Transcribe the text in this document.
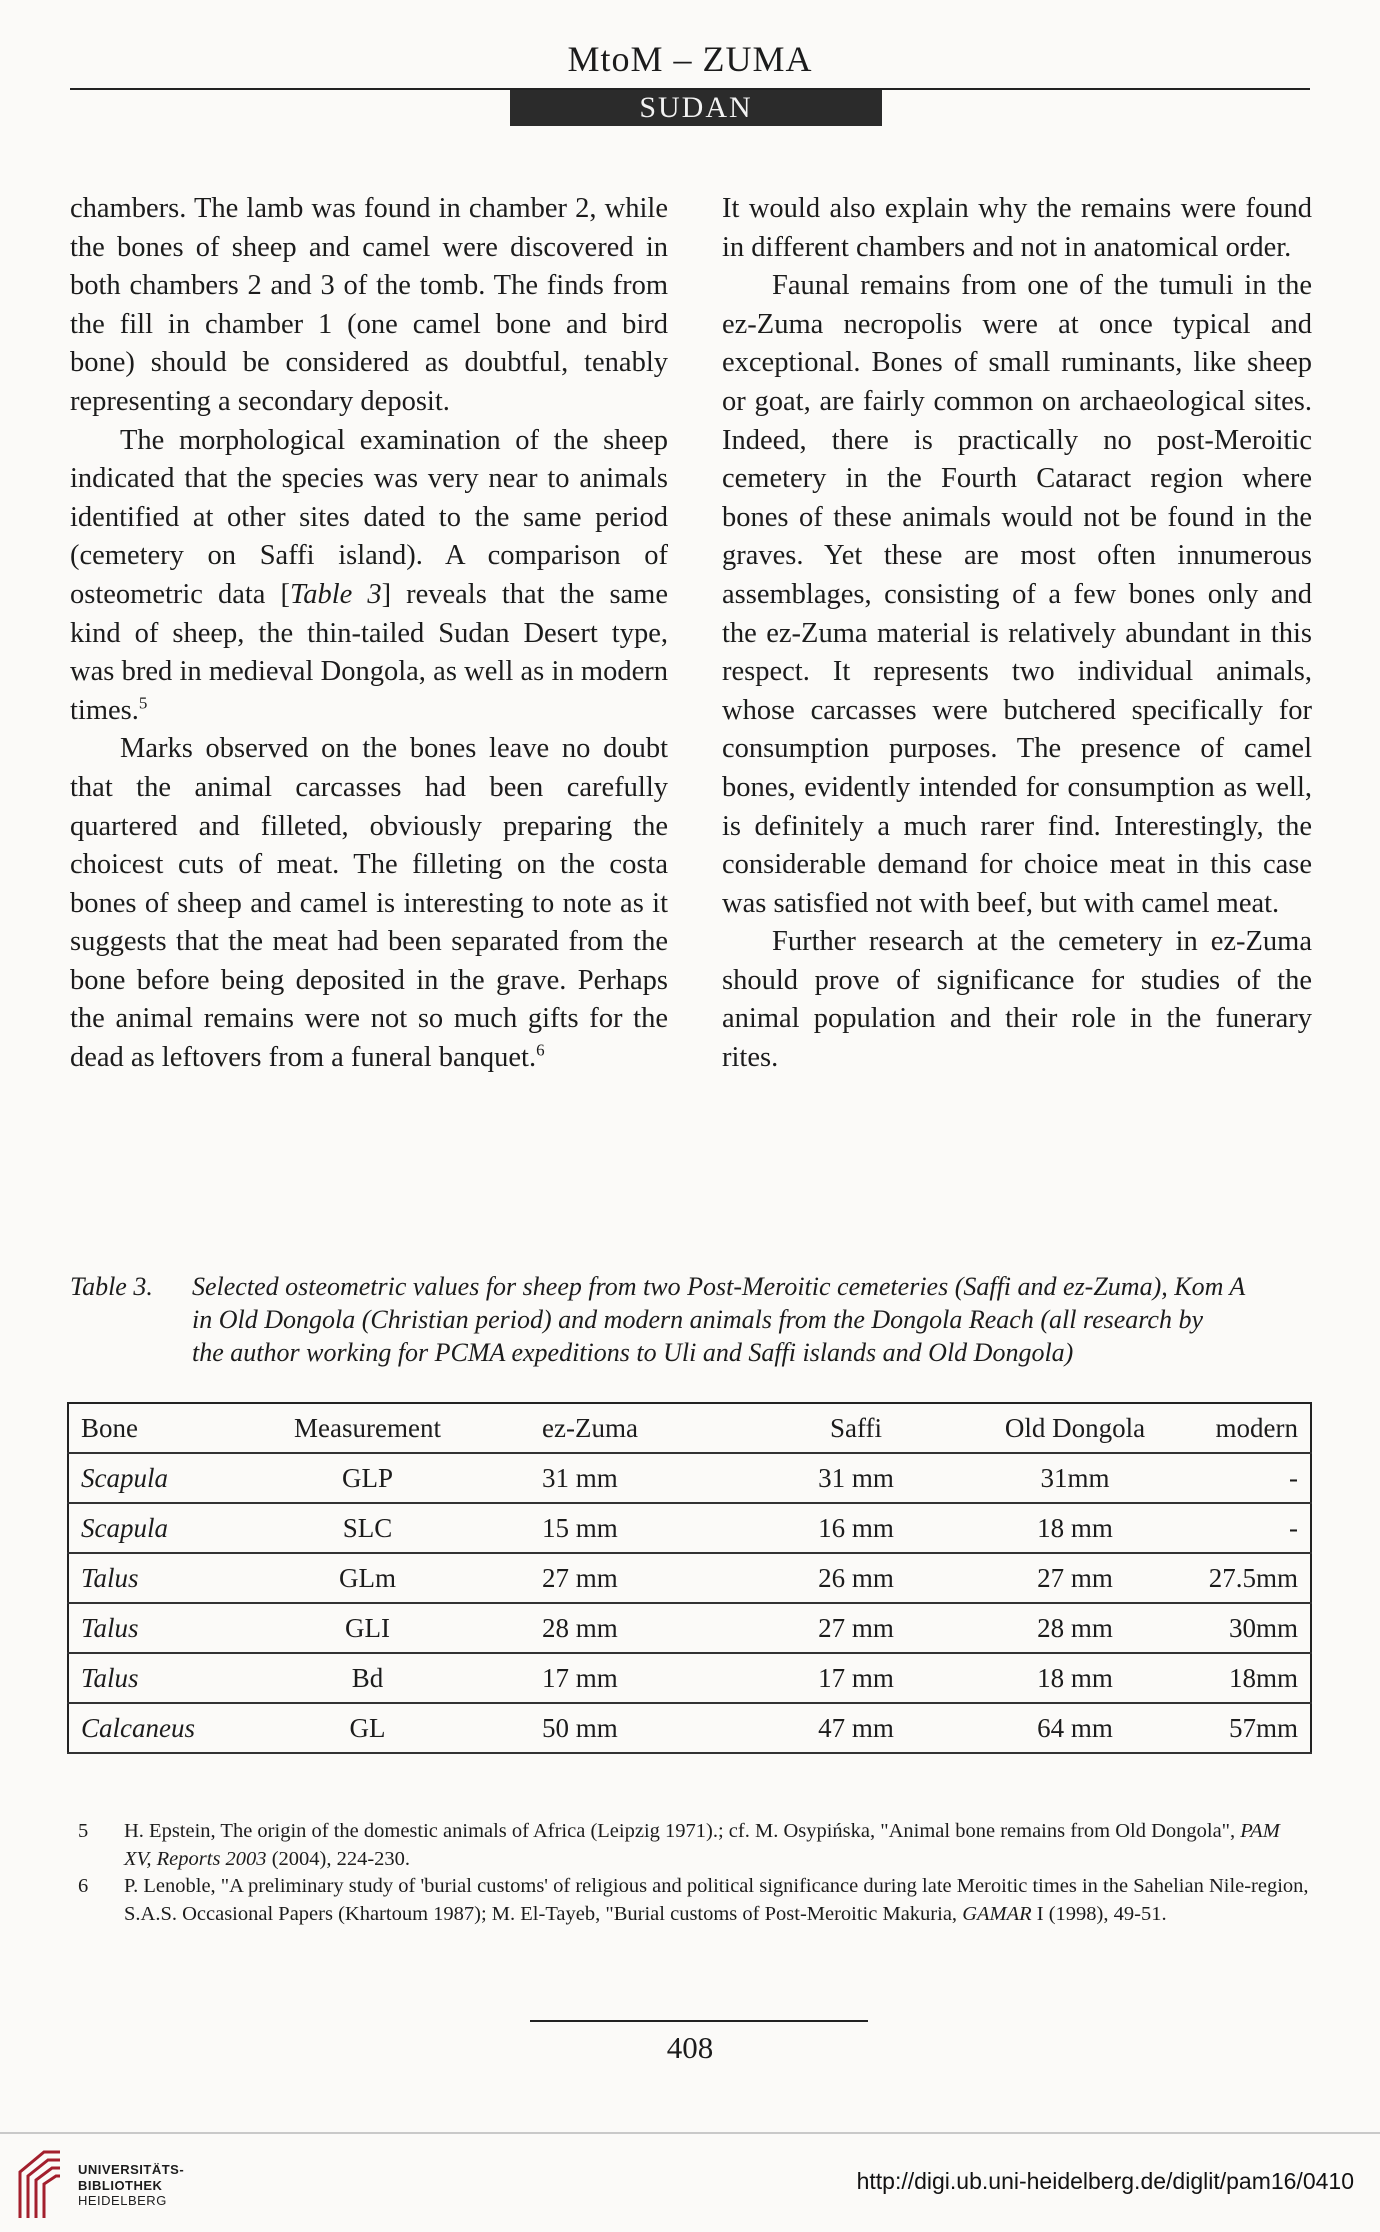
MtoM – ZUMA
SUDAN

chambers. The lamb was found in chamber 2, while the bones of sheep and camel were discovered in both chambers 2 and 3 of the tomb. The finds from the fill in chamber 1 (one camel bone and bird bone) should be considered as doubtful, tenably representing a secondary deposit.

The morphological examination of the sheep indicated that the species was very near to animals identified at other sites dated to the same period (cemetery on Saffi island). A comparison of osteometric data [Table 3] reveals that the same kind of sheep, the thin-tailed Sudan Desert type, was bred in medieval Dongola, as well as in modern times.$^5$

Marks observed on the bones leave no doubt that the animal carcasses had been carefully quartered and filleted, obviously preparing the choicest cuts of meat. The filleting on the costa bones of sheep and camel is interesting to note as it suggests that the meat had been separated from the bone before being deposited in the grave. Perhaps the animal remains were not so much gifts for the dead as leftovers from a funeral banquet.$^6$

It would also explain why the remains were found in different chambers and not in anatomical order.

Faunal remains from one of the tumuli in the ez-Zuma necropolis were at once typical and exceptional. Bones of small ruminants, like sheep or goat, are fairly common on archaeological sites. Indeed, there is practically no post-Meroitic cemetery in the Fourth Cataract region where bones of these animals would not be found in the graves. Yet these are most often innumerous assemblages, consisting of a few bones only and the ez-Zuma material is relatively abundant in this respect. It represents two individual animals, whose carcasses were butchered specifically for consumption purposes. The presence of camel bones, evidently intended for consumption as well, is definitely a much rarer find. Interestingly, the considerable demand for choice meat in this case was satisfied not with beef, but with camel meat.

Further research at the cemetery in ez-Zuma should prove of significance for studies of the animal population and their role in the funerary rites.

Table 3. Selected osteometric values for sheep from two Post-Meroitic cemeteries (Saffi and ez-Zuma), Kom A
in Old Dongola (Christian period) and modern animals from the Dongola Reach (all research by
the author working for PCMA expeditions to Uli and Saffi islands and Old Dongola)
Bone	Measurement	ez-Zuma	Saffi	Old Dongola	modern
Scapula	GLP	31 mm	31 mm	31mm	-
Scapula	SLC	15 mm	16 mm	18 mm	-
Talus	GLm	27 mm	26 mm	27 mm	27.5mm
Talus	GLI	28 mm	27 mm	28 mm	30mm
Talus	Bd	17 mm	17 mm	18 mm	18mm
Calcaneus	GL	50 mm	47 mm	64 mm	57mm

5 H. Epstein, The origin of the domestic animals of Africa (Leipzig 1971).; cf. M. Osypińska, "Animal bone remains from Old Dongola", PAM XV, Reports 2003 (2004), 224-230.

6 P. Lenoble, "A preliminary study of 'burial customs' of religious and political significance during late Meroitic times in the Sahelian Nile-region, S.A.S. Occasional Papers (Khartoum 1987); M. El-Tayeb, "Burial customs of Post-Meroitic Makuria, GAMAR I (1998), 49-51.

408
UNIVERSITÄTS-
BIBLIOTHEK
HEIDELBERG
http://digi.ub.uni-heidelberg.de/diglit/pam16/0410
